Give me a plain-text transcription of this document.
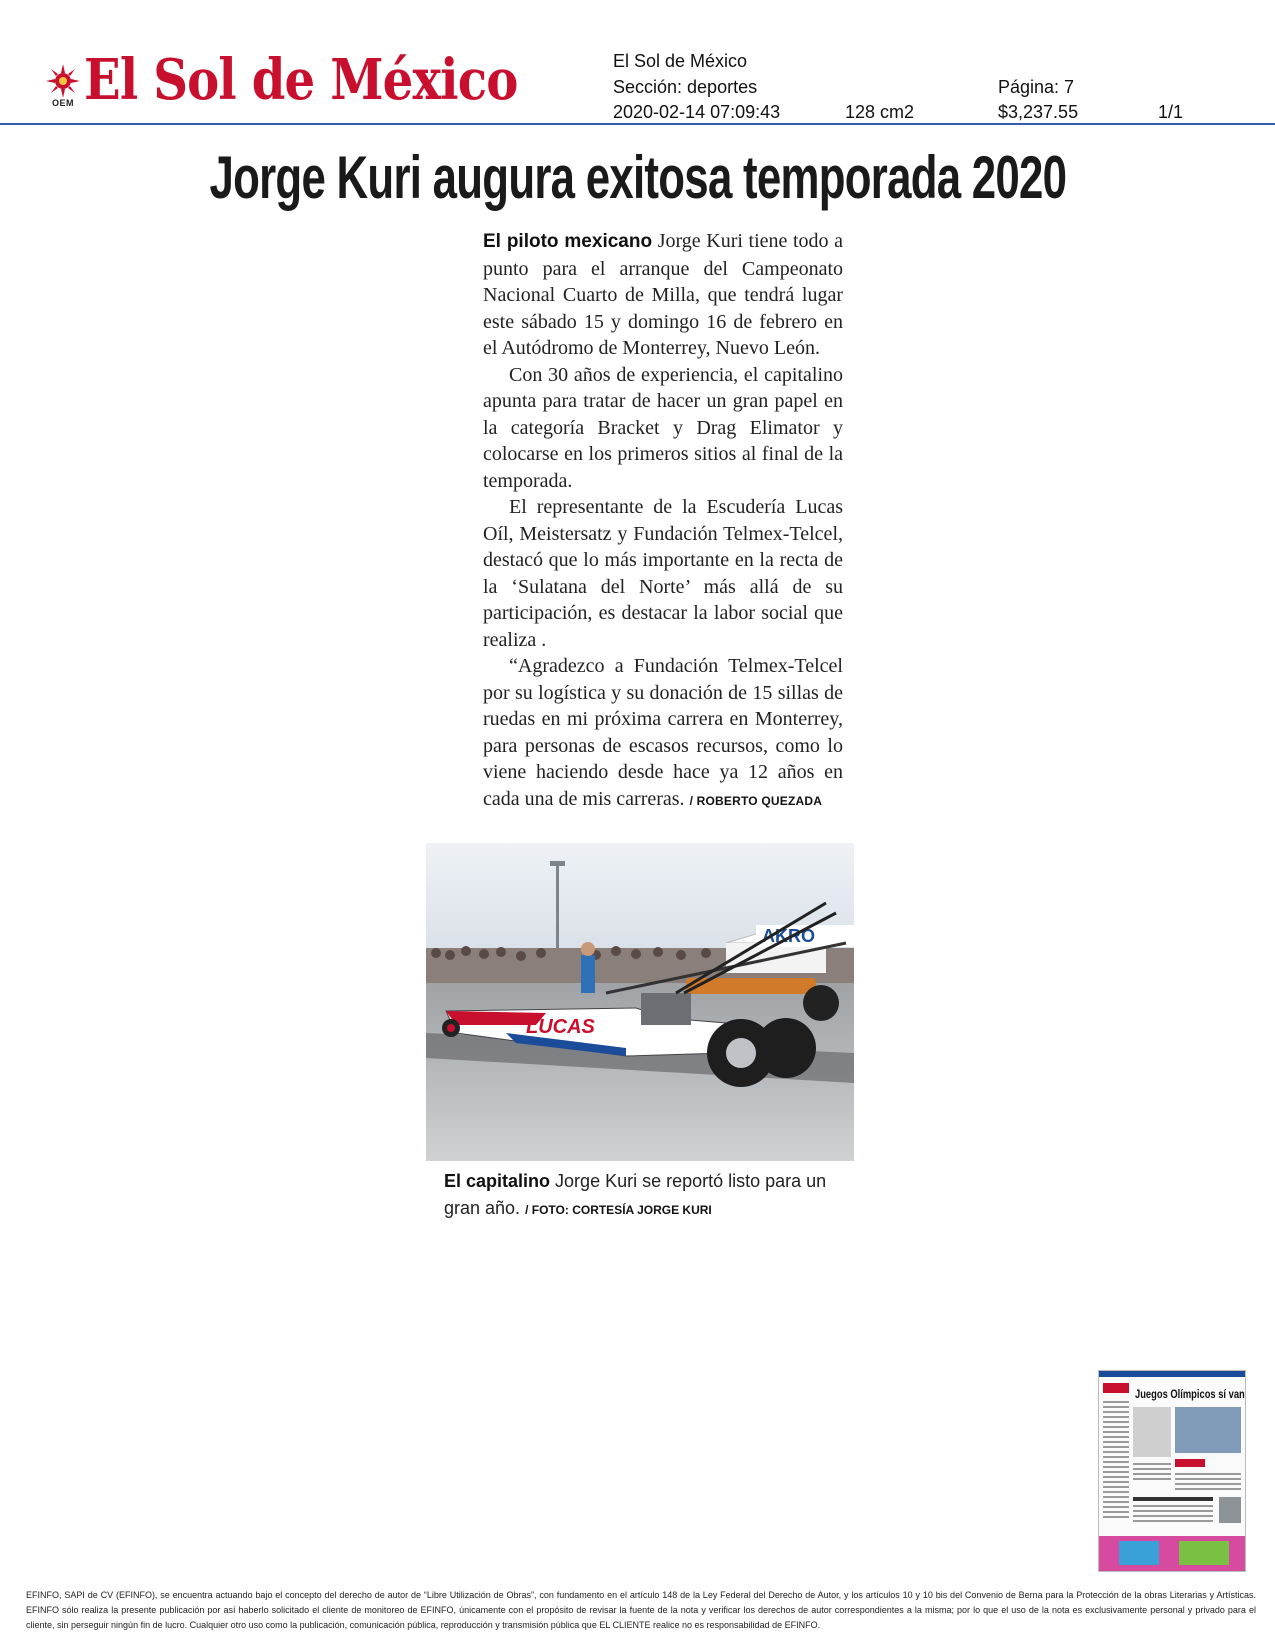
OEM El Sol de México	El Sol de México
Sección: deportes	Página: 7
2020-02-14 07:09:43	128 cm2	$3,237.55	1/1
Jorge Kuri augura exitosa temporada 2020

El piloto mexicano Jorge Kuri tiene todo a punto para el arranque del Campeonato Nacional Cuarto de Milla, que tendrá lugar este sábado 15 y domingo 16 de febrero en el Autódromo de Monterrey, Nuevo León.

Con 30 años de experiencia, el capitalino apunta para tratar de hacer un gran papel en la categoría Bracket y Drag Elimator y colocarse en los primeros sitios al final de la temporada.

El representante de la Escudería Lucas Oíl, Meistersatz y Fundación Telmex-Telcel, destacó que lo más importante en la recta de la ‘Sulatana del Norte’ más allá de su participación, es destacar la labor social que realiza .

“Agradezco a Fundación Telmex-Telcel por su logística y su donación de 15 sillas de ruedas en mi próxima carrera en Monterrey, para personas de escasos recursos, como lo viene haciendo desde hace ya 12 años en cada una de mis carreras. / ROBERTO QUEZADA

AKRO
LUCAS
El capitalino Jorge Kuri se reportó listo para un gran año. / FOTO: CORTESÍA JORGE KURI
Juegos Olímpicos sí van
EFINFO, SAPI de CV (EFINFO), se encuentra actuando bajo el concepto del derecho de autor de “Libre Utilización de Obras”, con fundamento en el artículo 148 de la Ley Federal del Derecho de Autor, y los artículos 10 y 10 bis del Convenio de Berna para la Protección de la obras Literarias y Artísticas. EFINFO sólo realiza la presente publicación por así haberlo solicitado el cliente de monitoreo de EFINFO, únicamente con el propósito de revisar la fuente de la nota y verificar los derechos de autor correspondientes a la misma; por lo que el uso de la nota es exclusivamente personal y privado para el cliente, sin perseguir ningún fin de lucro. Cualquier otro uso como la publicación, comunicación pública, reproducción y transmisión pública que EL CLIENTE realice no es responsabilidad de EFINFO.
